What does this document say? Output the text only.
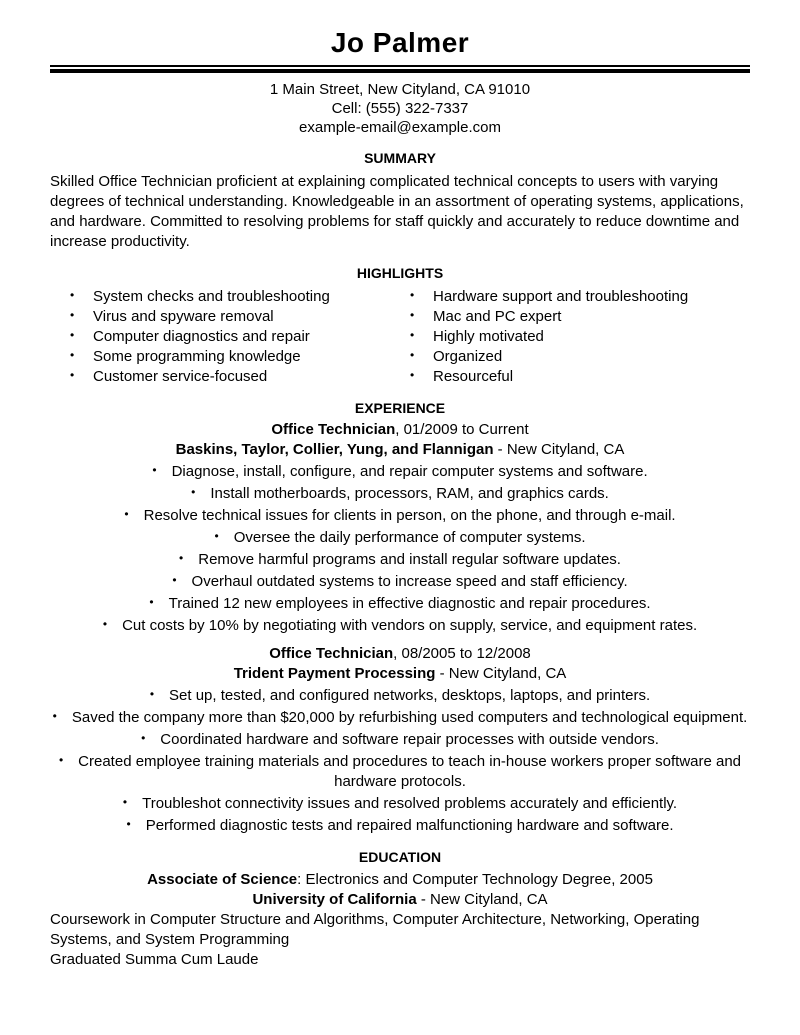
Jo Palmer
1 Main Street, New Cityland, CA 91010
Cell: (555) 322-7337
example-email@example.com
SUMMARY
Skilled Office Technician proficient at explaining complicated technical concepts to users with varying degrees of technical understanding. Knowledgeable in an assortment of operating systems, applications, and hardware. Committed to resolving problems for staff quickly and accurately to reduce downtime and increase productivity.
HIGHLIGHTS
• System checks and troubleshooting
• Virus and spyware removal
• Computer diagnostics and repair
• Some programming knowledge
• Customer service-focused
• Hardware support and troubleshooting
• Mac and PC expert
• Highly motivated
• Organized
• Resourceful
EXPERIENCE
Office Technician, 01/2009 to Current
Baskins, Taylor, Collier, Yung, and Flannigan - New Cityland, CA
• Diagnose, install, configure, and repair computer systems and software.
• Install motherboards, processors, RAM, and graphics cards.
• Resolve technical issues for clients in person, on the phone, and through e-mail.
• Oversee the daily performance of computer systems.
• Remove harmful programs and install regular software updates.
• Overhaul outdated systems to increase speed and staff efficiency.
• Trained 12 new employees in effective diagnostic and repair procedures.
• Cut costs by 10% by negotiating with vendors on supply, service, and equipment rates.
Office Technician, 08/2005 to 12/2008
Trident Payment Processing - New Cityland, CA
• Set up, tested, and configured networks, desktops, laptops, and printers.
• Saved the company more than $20,000 by refurbishing used computers and technological equipment.
• Coordinated hardware and software repair processes with outside vendors.
• Created employee training materials and procedures to teach in-house workers proper software and hardware protocols.
• Troubleshot connectivity issues and resolved problems accurately and efficiently.
• Performed diagnostic tests and repaired malfunctioning hardware and software.
EDUCATION
Associate of Science: Electronics and Computer Technology Degree, 2005
University of California - New Cityland, CA
Coursework in Computer Structure and Algorithms, Computer Architecture, Networking, Operating Systems, and System Programming
Graduated Summa Cum Laude
